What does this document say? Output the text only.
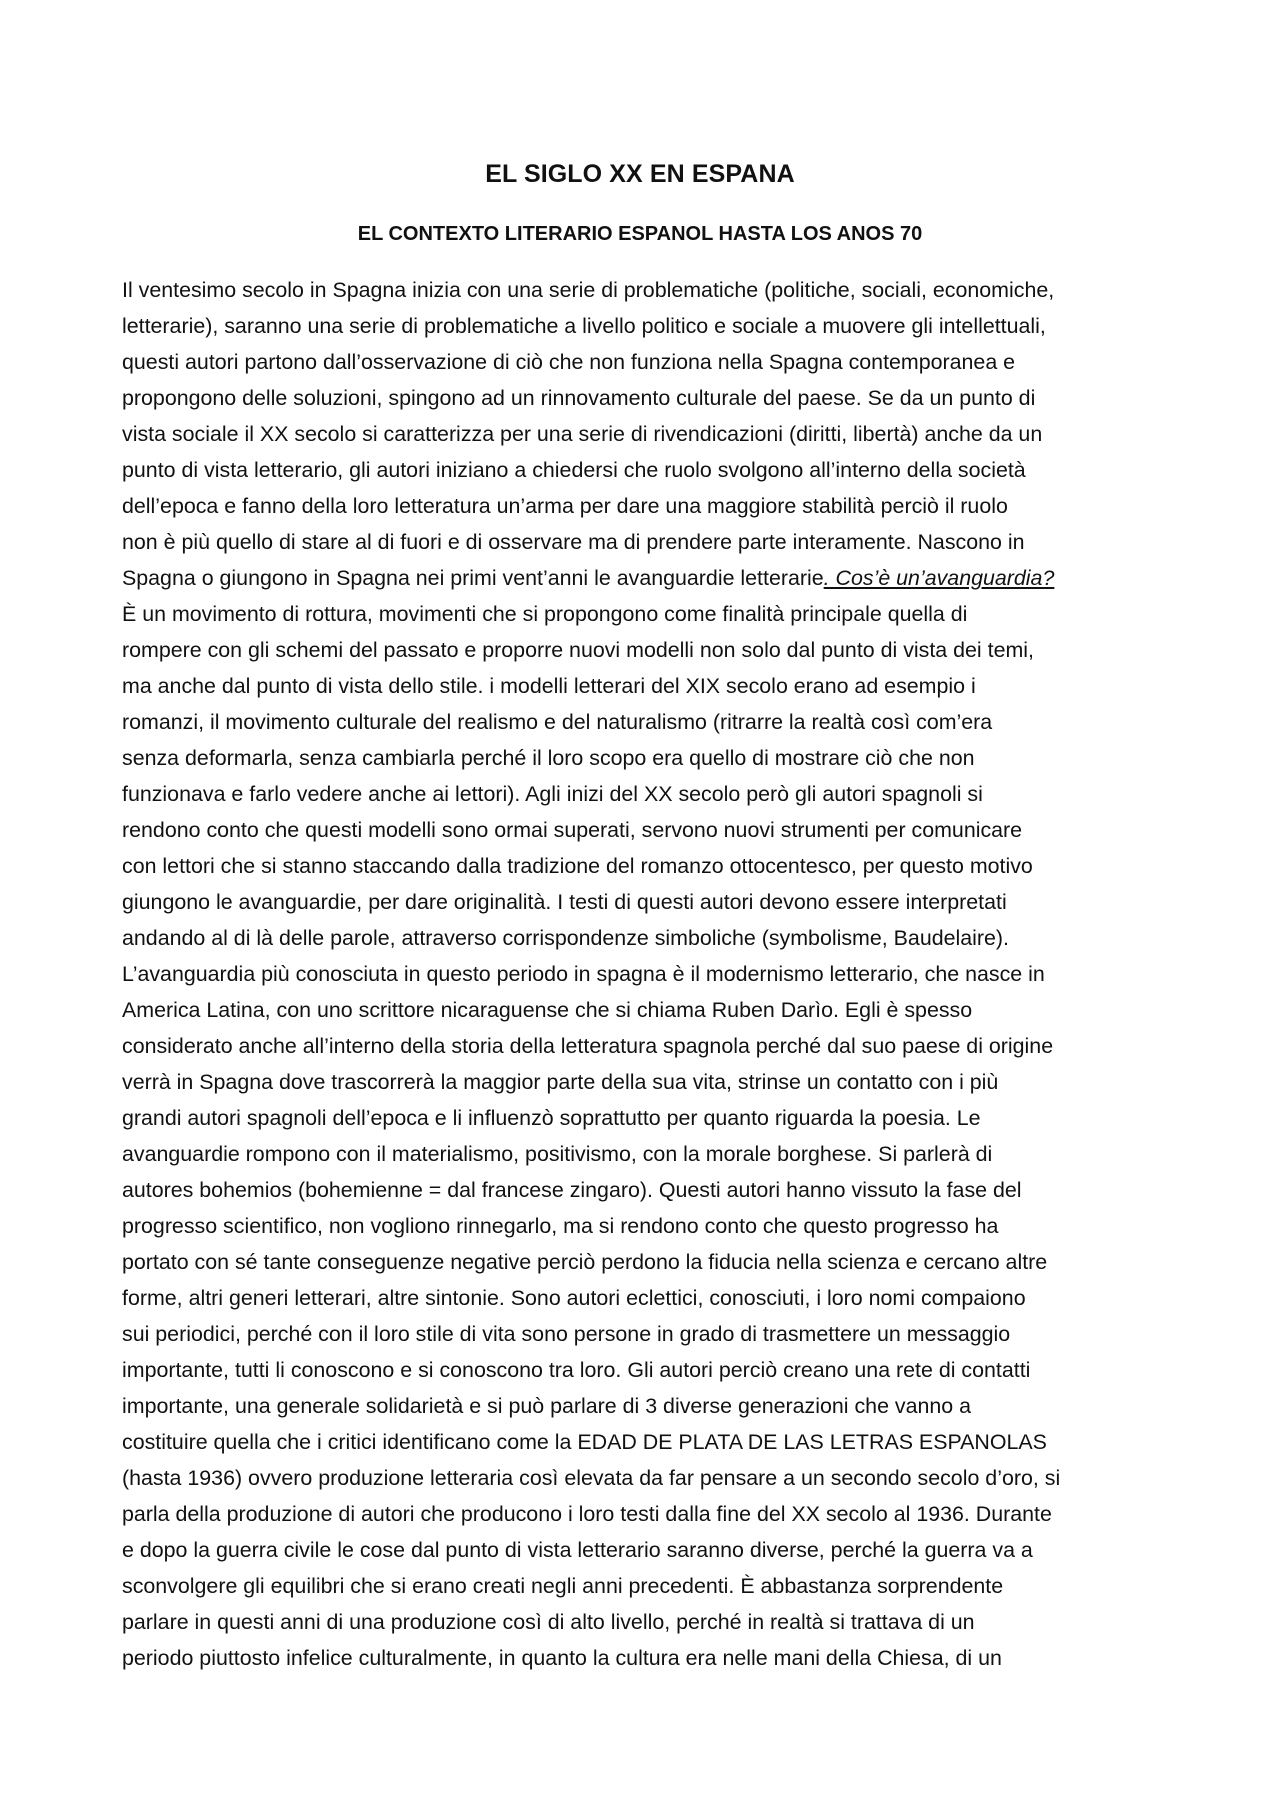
EL SIGLO XX EN ESPANA
EL CONTEXTO LITERARIO ESPANOL HASTA LOS ANOS 70
Il ventesimo secolo in Spagna inizia con una serie di problematiche (politiche, sociali, economiche,
letterarie), saranno una serie di problematiche a livello politico e sociale a muovere gli intellettuali,
questi autori partono dall’osservazione di ciò che non funziona nella Spagna contemporanea e
propongono delle soluzioni, spingono ad un rinnovamento culturale del paese. Se da un punto di
vista sociale il XX secolo si caratterizza per una serie di rivendicazioni (diritti, libertà) anche da un
punto di vista letterario, gli autori iniziano a chiedersi che ruolo svolgono all’interno della società
dell’epoca e fanno della loro letteratura un’arma per dare una maggiore stabilità perciò il ruolo
non è più quello di stare al di fuori e di osservare ma di prendere parte interamente. Nascono in
Spagna o giungono in Spagna nei primi vent’anni le avanguardie letterarie. Cos’è un’avanguardia?
È un movimento di rottura, movimenti che si propongono come finalità principale quella di
rompere con gli schemi del passato e proporre nuovi modelli non solo dal punto di vista dei temi,
ma anche dal punto di vista dello stile. i modelli letterari del XIX secolo erano ad esempio i
romanzi, il movimento culturale del realismo e del naturalismo (ritrarre la realtà così com’era
senza deformarla, senza cambiarla perché il loro scopo era quello di mostrare ciò che non
funzionava e farlo vedere anche ai lettori). Agli inizi del XX secolo però gli autori spagnoli si
rendono conto che questi modelli sono ormai superati, servono nuovi strumenti per comunicare
con lettori che si stanno staccando dalla tradizione del romanzo ottocentesco, per questo motivo
giungono le avanguardie, per dare originalità. I testi di questi autori devono essere interpretati
andando al di là delle parole, attraverso corrispondenze simboliche (symbolisme, Baudelaire).
L’avanguardia più conosciuta in questo periodo in spagna è il modernismo letterario, che nasce in
America Latina, con uno scrittore nicaraguense che si chiama Ruben Darìo. Egli è spesso
considerato anche all’interno della storia della letteratura spagnola perché dal suo paese di origine
verrà in Spagna dove trascorrerà la maggior parte della sua vita, strinse un contatto con i più
grandi autori spagnoli dell’epoca e li influenzò soprattutto per quanto riguarda la poesia. Le
avanguardie rompono con il materialismo, positivismo, con la morale borghese. Si parlerà di
autores bohemios (bohemienne = dal francese zingaro). Questi autori hanno vissuto la fase del
progresso scientifico, non vogliono rinnegarlo, ma si rendono conto che questo progresso ha
portato con sé tante conseguenze negative perciò perdono la fiducia nella scienza e cercano altre
forme, altri generi letterari, altre sintonie. Sono autori eclettici, conosciuti, i loro nomi compaiono
sui periodici, perché con il loro stile di vita sono persone in grado di trasmettere un messaggio
importante, tutti li conoscono e si conoscono tra loro. Gli autori perciò creano una rete di contatti
importante, una generale solidarietà e si può parlare di 3 diverse generazioni che vanno a
costituire quella che i critici identificano come la EDAD DE PLATA DE LAS LETRAS ESPANOLAS
(hasta 1936) ovvero produzione letteraria così elevata da far pensare a un secondo secolo d’oro, si
parla della produzione di autori che producono i loro testi dalla fine del XX secolo al 1936. Durante
e dopo la guerra civile le cose dal punto di vista letterario saranno diverse, perché la guerra va a
sconvolgere gli equilibri che si erano creati negli anni precedenti. È abbastanza sorprendente
parlare in questi anni di una produzione così di alto livello, perché in realtà si trattava di un
periodo piuttosto infelice culturalmente, in quanto la cultura era nelle mani della Chiesa, di un
